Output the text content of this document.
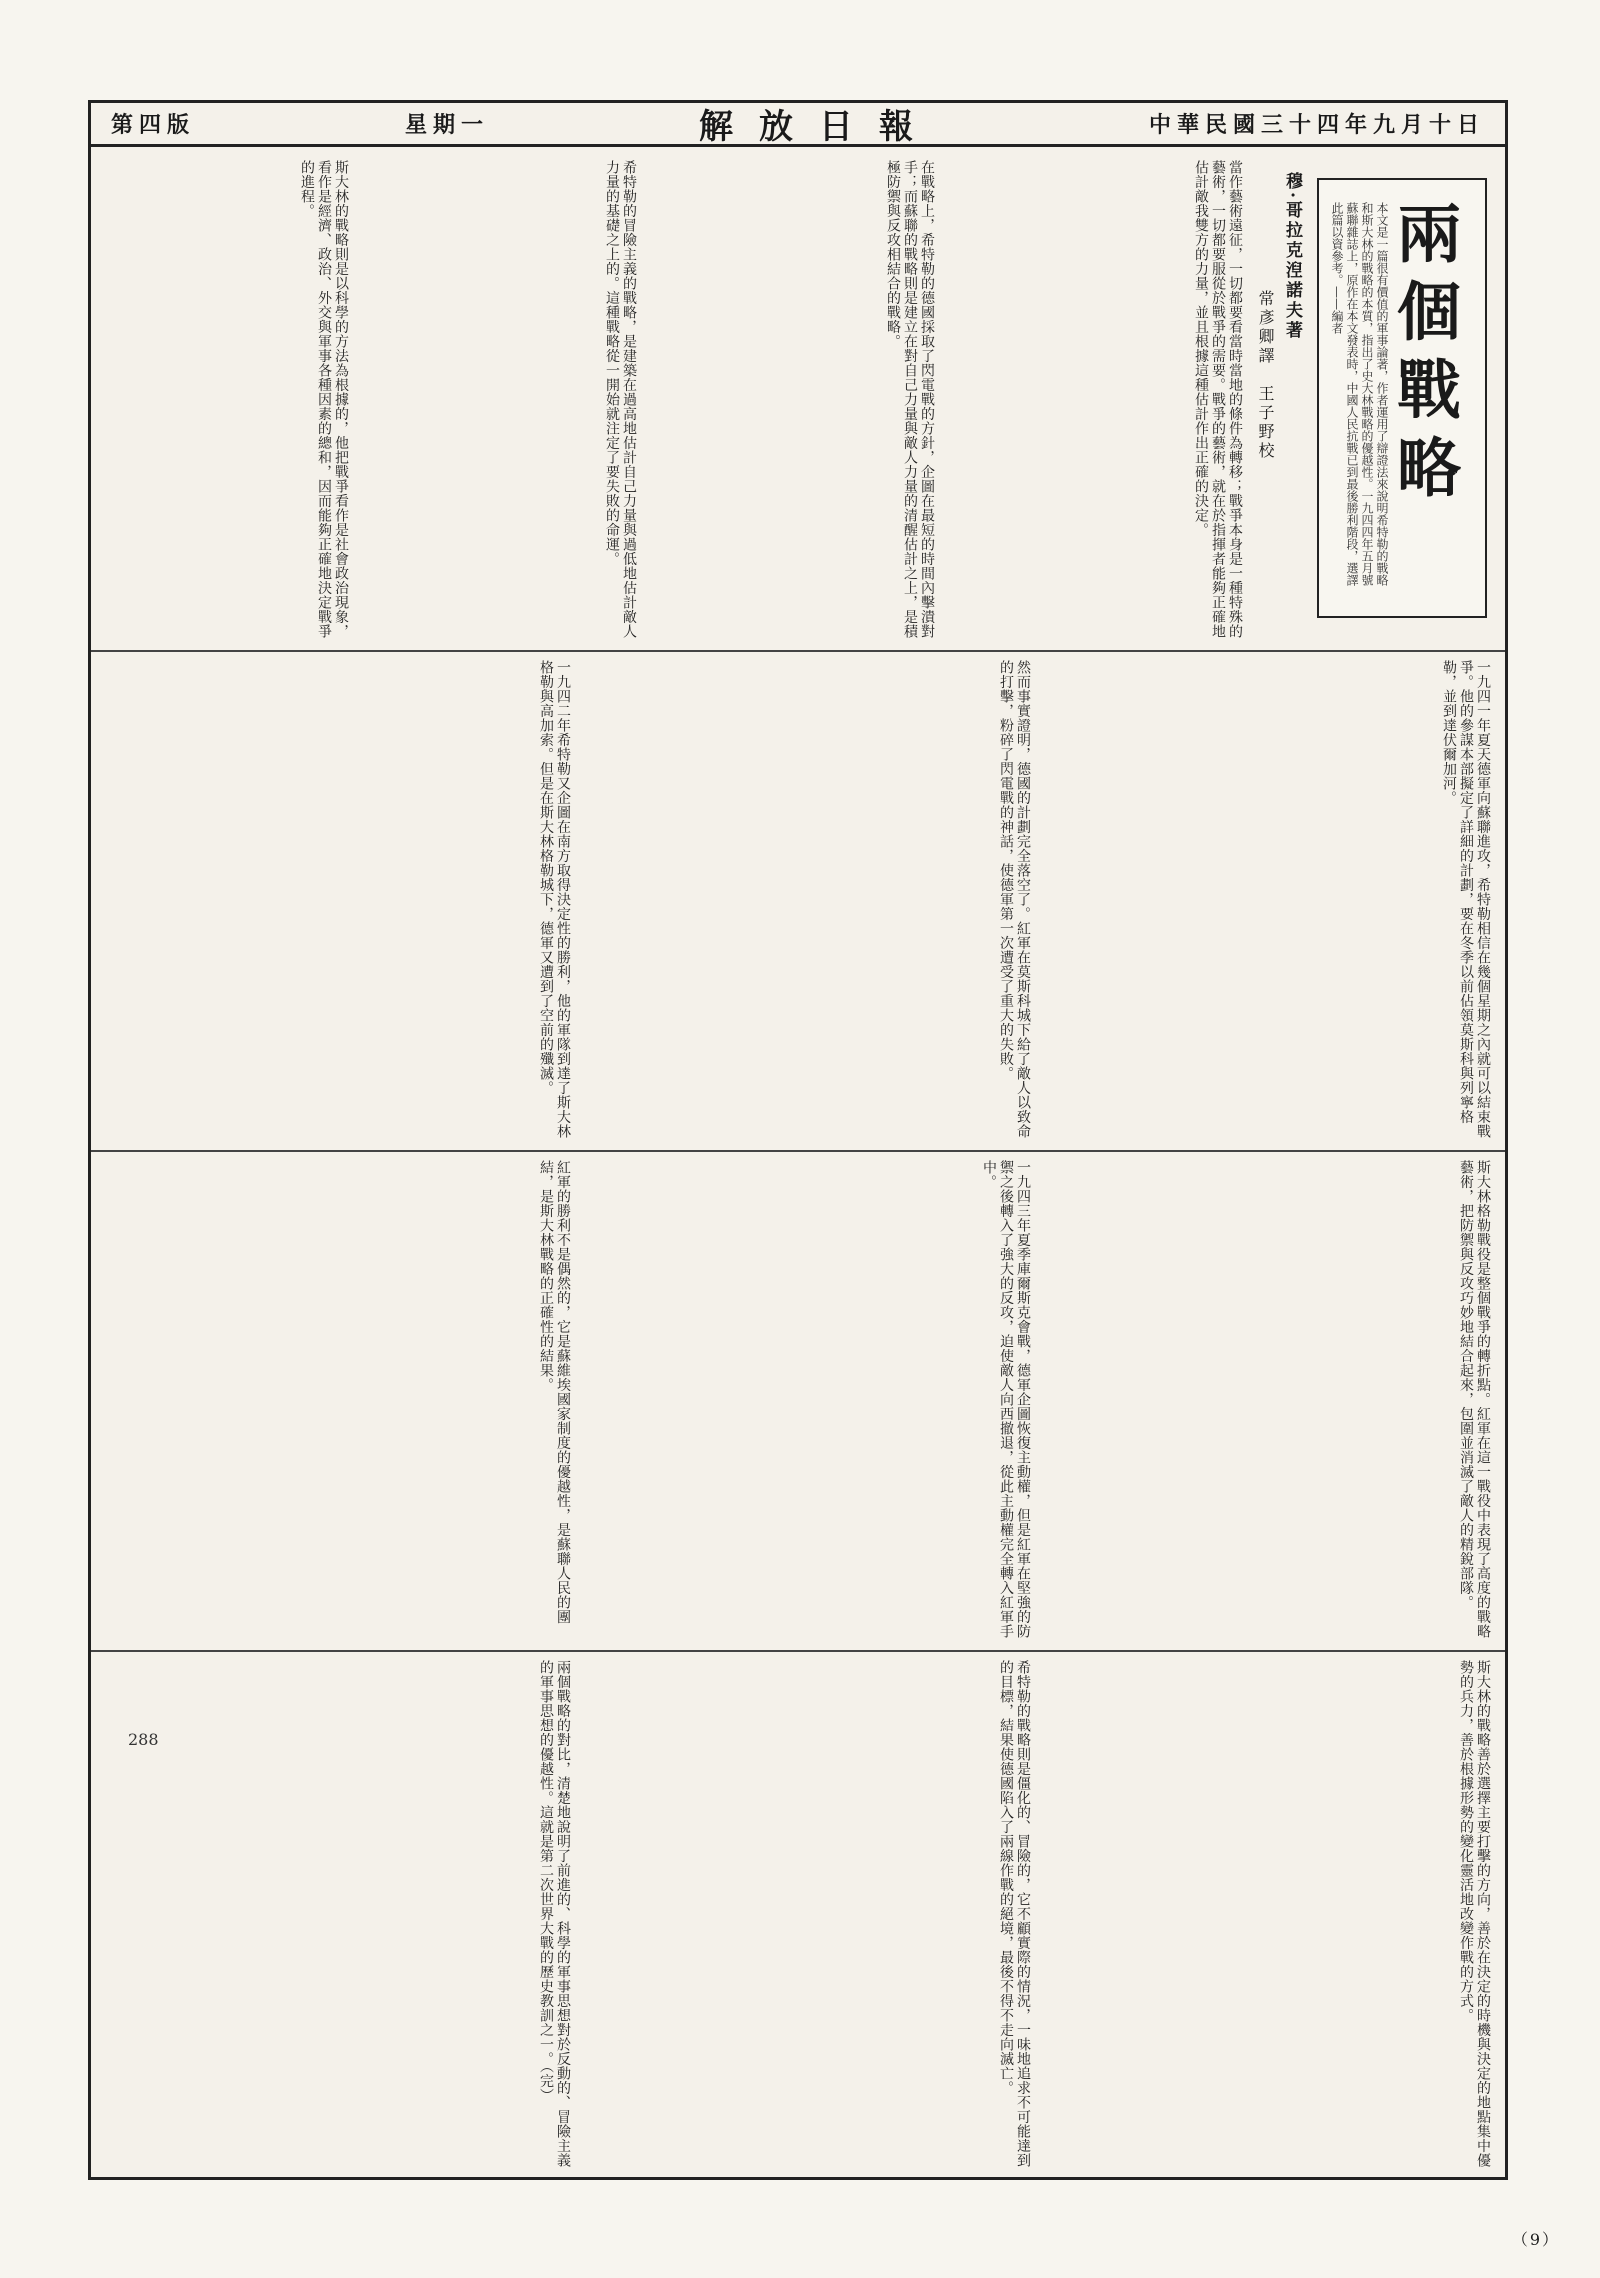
第四版	星期一	解放日報	中華民國三十四年九月十日
兩個戰略
本文是一篇很有價值的軍事論著，作者運用了辯證法來說明希特勒的戰略和斯大林的戰略的本質，指出了史大林戰略的優越性。一九四四年五月號蘇聯雜誌上，原作在本文發表時，中國人民抗戰已到最後勝利階段，選譯此篇以資參考。——編者
穆·哥拉克湼諾夫著
常彥卿譯　王子野校
當作藝術遠征，一切都要看當時當地的條件為轉移；戰爭本身是一種特殊的藝術，一切都要服從於戰爭的需要。戰爭的藝術，就在於指揮者能夠正確地估計敵我雙方的力量，並且根據這種估計作出正確的決定。
在戰略上，希特勒的德國採取了閃電戰的方針，企圖在最短的時間內擊潰對手；而蘇聯的戰略則是建立在對自己力量與敵人力量的清醒估計之上，是積極防禦與反攻相結合的戰略。
希特勒的冒險主義的戰略，是建築在過高地估計自己力量與過低地估計敵人力量的基礎之上的。這種戰略從一開始就注定了要失敗的命運。
斯大林的戰略則是以科學的方法為根據的，他把戰爭看作是社會政治現象，看作是經濟、政治、外交與軍事各種因素的總和，因而能夠正確地決定戰爭的進程。
一九四一年夏天德軍向蘇聯進攻，希特勒相信在幾個星期之內就可以結束戰爭。他的參謀本部擬定了詳細的計劃，要在冬季以前佔領莫斯科與列寧格勒，並到達伏爾加河。
然而事實證明，德國的計劃完全落空了。紅軍在莫斯科城下給了敵人以致命的打擊，粉碎了閃電戰的神話，使德軍第一次遭受了重大的失敗。
一九四二年希特勒又企圖在南方取得決定性的勝利，他的軍隊到達了斯大林格勒與高加索。但是在斯大林格勒城下，德軍又遭到了空前的殲滅。
斯大林格勒戰役是整個戰爭的轉折點。紅軍在這一戰役中表現了高度的戰略藝術，把防禦與反攻巧妙地結合起來，包圍並消滅了敵人的精銳部隊。
一九四三年夏季庫爾斯克會戰，德軍企圖恢復主動權，但是紅軍在堅強的防禦之後轉入了強大的反攻，迫使敵人向西撤退，從此主動權完全轉入紅軍手中。
紅軍的勝利不是偶然的，它是蘇維埃國家制度的優越性，是蘇聯人民的團結，是斯大林戰略的正確性的結果。
斯大林的戰略善於選擇主要打擊的方向，善於在決定的時機與決定的地點集中優勢的兵力，善於根據形勢的變化靈活地改變作戰的方式。
希特勒的戰略則是僵化的、冒險的，它不顧實際的情況，一味地追求不可能達到的目標，結果使德國陷入了兩線作戰的絕境，最後不得不走向滅亡。
兩個戰略的對比，清楚地說明了前進的、科學的軍事思想對於反動的、冒險主義的軍事思想的優越性。這就是第二次世界大戰的歷史教訓之一。（完）
288
（9）
